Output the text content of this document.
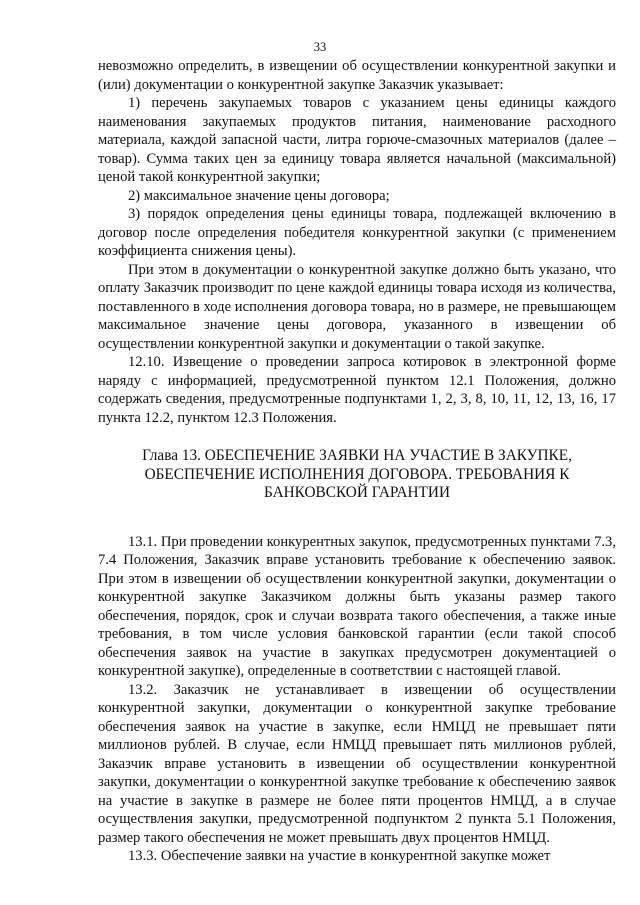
33

невозможно определить, в извещении об осуществлении конкурентной закупки и (или) документации о конкурентной закупке Заказчик указывает:

1) перечень закупаемых товаров с указанием цены единицы каждого наименования закупаемых продуктов питания, наименование расходного материала, каждой запасной части, литра горюче-смазочных материалов (далее – товар). Сумма таких цен за единицу товара является начальной (максимальной) ценой такой конкурентной закупки;

2) максимальное значение цены договора;

3) порядок определения цены единицы товара, подлежащей включению в договор после определения победителя конкурентной закупки (с применением коэффициента снижения цены).

При этом в документации о конкурентной закупке должно быть указано, что оплату Заказчик производит по цене каждой единицы товара исходя из количества, поставленного в ходе исполнения договора товара, но в размере, не превышающем максимальное значение цены договора, указанного в извещении об осуществлении конкурентной закупки и документации о такой закупке.

12.10. Извещение о проведении запроса котировок в электронной форме наряду с информацией, предусмотренной пунктом 12.1 Положения, должно содержать сведения, предусмотренные подпунктами 1, 2, 3, 8, 10, 11, 12, 13, 16, 17 пункта 12.2, пунктом 12.3 Положения.

Глава 13. ОБЕСПЕЧЕНИЕ ЗАЯВКИ НА УЧАСТИЕ В ЗАКУПКЕ, ОБЕСПЕЧЕНИЕ ИСПОЛНЕНИЯ ДОГОВОРА. ТРЕБОВАНИЯ К БАНКОВСКОЙ ГАРАНТИИ

13.1. При проведении конкурентных закупок, предусмотренных пунктами 7.3, 7.4 Положения, Заказчик вправе установить требование к обеспечению заявок. При этом в извещении об осуществлении конкурентной закупки, документации о конкурентной закупке Заказчиком должны быть указаны размер такого обеспечения, порядок, срок и случаи возврата такого обеспечения, а также иные требования, в том числе условия банковской гарантии (если такой способ обеспечения заявок на участие в закупках предусмотрен документацией о конкурентной закупке), определенные в соответствии с настоящей главой.

13.2. Заказчик не устанавливает в извещении об осуществлении конкурентной закупки, документации о конкурентной закупке требование обеспечения заявок на участие в закупке, если НМЦД не превышает пяти миллионов рублей. В случае, если НМЦД превышает пять миллионов рублей, Заказчик вправе установить в извещении об осуществлении конкурентной закупки, документации о конкурентной закупке требование к обеспечению заявок на участие в закупке в размере не более пяти процентов НМЦД, а в случае осуществления закупки, предусмотренной подпунктом 2 пункта 5.1 Положения, размер такого обеспечения не может превышать двух процентов НМЦД.

13.3. Обеспечение заявки на участие в конкурентной закупке может
